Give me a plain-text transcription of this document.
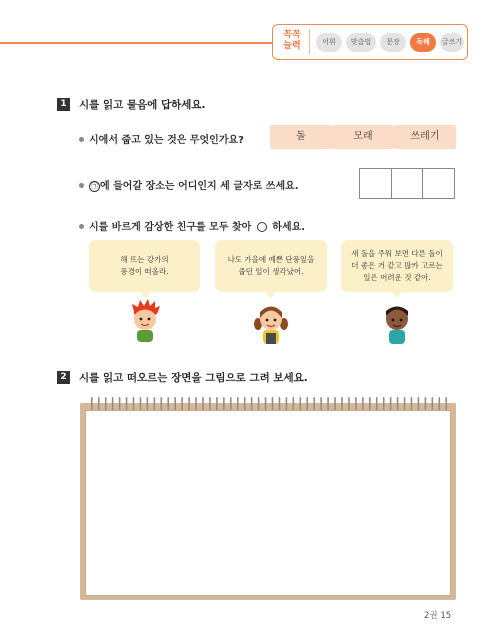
꼭꼭
늘력	어휘	맞춤법	문장	독해	글쓰기
1	시를 읽고 물음에 답하세요.
시에서 줍고 있는 것은 무엇인가요?	돌	모래	쓰레기
㉠ 에 들어갈 장소는 어디인지 세 글자로 쓰세요.
시를 바르게 감상한 친구를 모두 찾아 ○ 하세요.
해 뜨는 강가의
풍경이 떠올라.
나도 가을에 예쁜 단풍잎을
줍던 일이 생각났어.
새 돌을 주워 보면 다른 돌이
더 좋은 거 같고 많카 고르는
일은 어려운 것 같아.
2	시를 읽고 떠오르는 장면을 그림으로 그려 보세요.
2권 15
